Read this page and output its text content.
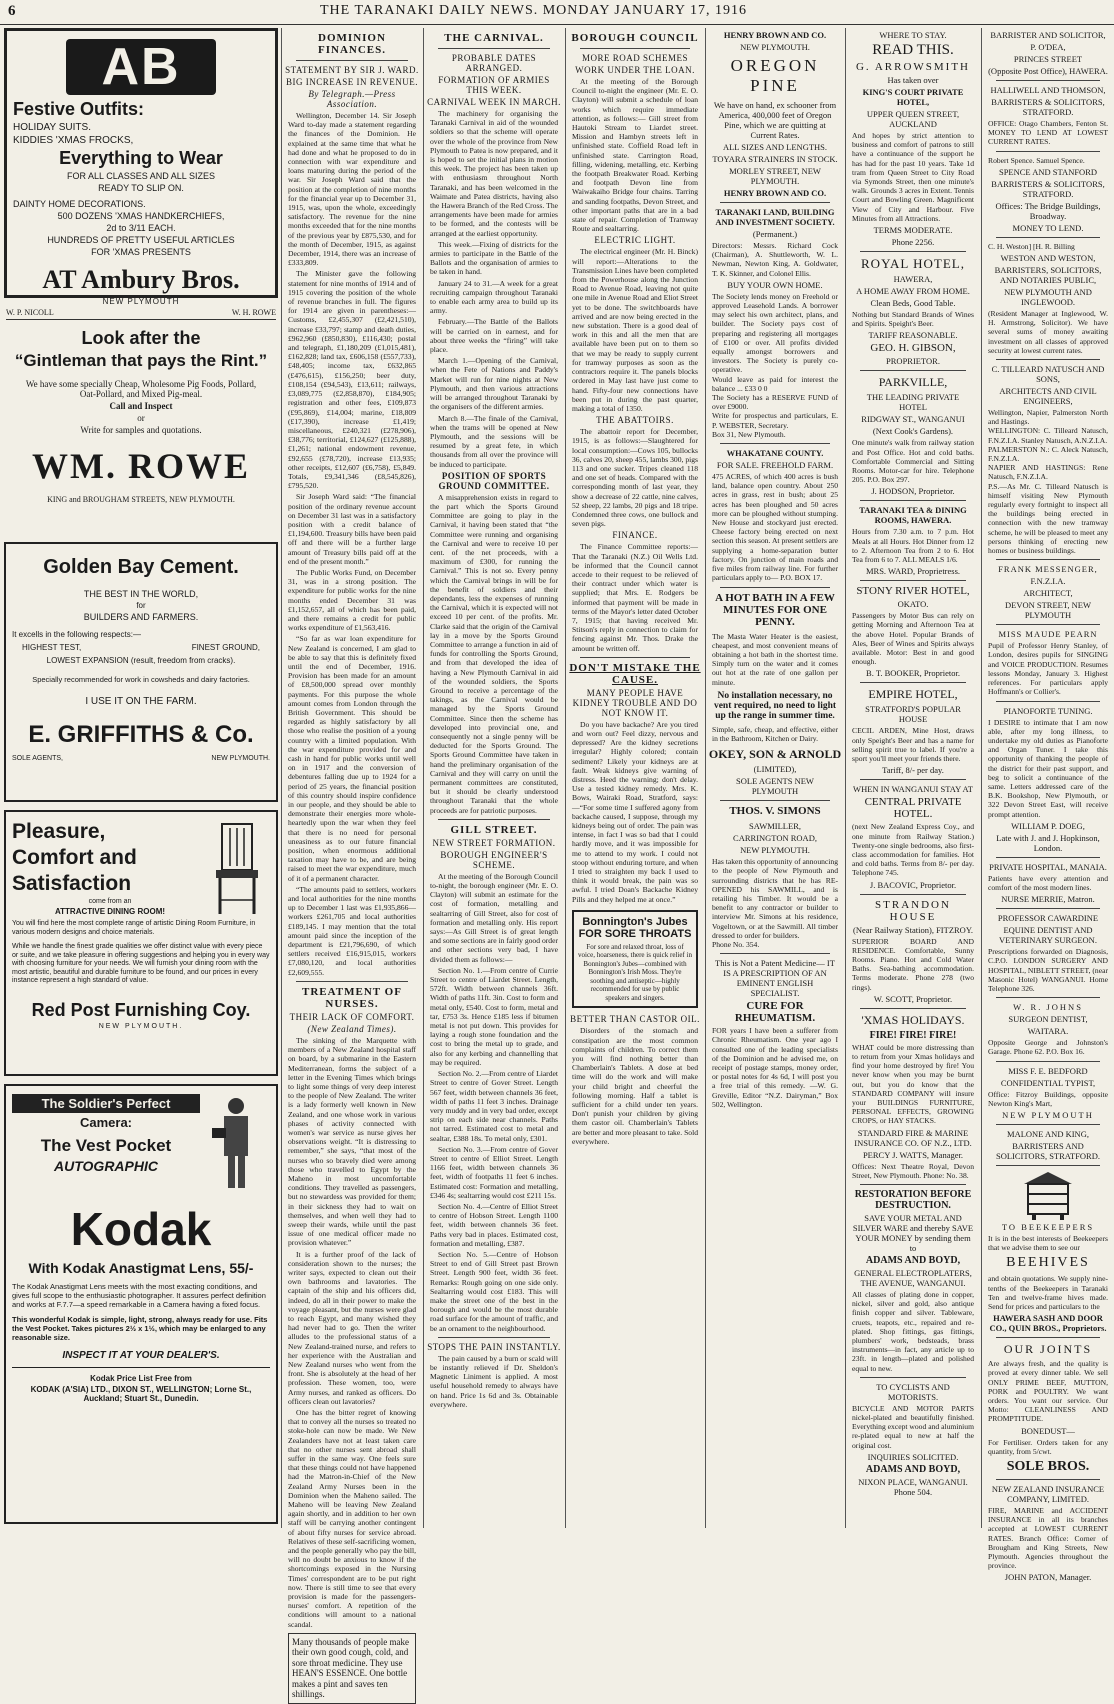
6	THE TARANAKI DAILY NEWS. MONDAY JANUARY 17, 1916
AB

Festive Outfits:

HOLIDAY SUITS.

KIDDIES 'XMAS FROCKS,

Everything to Wear

FOR ALL CLASSES AND ALL SIZES

READY TO SLIP ON.

DAINTY HOME DECORATIONS.

500 DOZENS 'XMAS HANDKERCHIEFS,

2d to 3/11 EACH.

HUNDREDS OF PRETTY USEFUL ARTICLES

FOR 'XMAS PRESENTS

AT Ambury Bros.

NEW PLYMOUTH

W. P. NICOLL	W. H. ROWE

Look after the

“Gintleman that pays the Rint.”

We have some specially Cheap, Wholesome Pig Foods, Pollard, Oat-Pollard, and Mixed Pig-meal.

Call and Inspect

or

Write for samples and quotations.

WM. ROWE

KING and BROUGHAM STREETS, NEW PLYMOUTH.

Golden Bay Cement.

THE BEST IN THE WORLD,

for

BUILDERS AND FARMERS.

It excells in the following respects:—

HIGHEST TEST,	FINEST GROUND,

LOWEST EXPANSION (result, freedom from cracks).

Specially recommended for work in cowsheds and dairy factories.

I USE IT ON THE FARM.

E. GRIFFITHS & Co.

SOLE AGENTS,	NEW PLYMOUTH.

Pleasure,

Comfort and

Satisfaction

come from an

ATTRACTIVE DINING ROOM!

You will find here the most complete range of artistic Dining Room Furniture, in various modern designs and choice materials.

While we handle the finest grade qualities we offer distinct value with every piece or suite, and we take pleasure in offering suggestions and helping you in every way with choosing furniture for your needs. We will furnish your dining room with the most artistic, beautiful and durable furniture to be found, and our prices in every instance represent a high standard of value.

Red Post Furnishing Coy.

NEW PLYMOUTH.

The Soldier's Perfect

Camera:

The Vest Pocket

AUTOGRAPHIC

Kodak

With Kodak Anastigmat Lens, 55/-

The Kodak Anastigmat Lens meets with the most exacting conditions, and gives full scope to the enthusiastic photographer. It assures perfect definition and works at F.7.7—a speed remarkable in a Camera having a fixed focus.

This wonderful Kodak is simple, light, strong, always ready for use. Fits the Vest Pocket. Takes pictures 2½ x 1½, which may be enlarged to any reasonable size.

INSPECT IT AT YOUR DEALER'S.

Kodak Price List Free from

KODAK (A'SIA) LTD., DIXON ST., WELLINGTON; Lorne St., Auckland; Stuart St., Dunedin.

DOMINION FINANCES.
STATEMENT BY SIR J. WARD.
BIG INCREASE IN REVENUE.
By Telegraph.—Press Association.

Wellington, December 14. Sir Joseph Ward to-day made a statement regarding the finances of the Dominion. He explained at the same time that what he had done and what he proposed to do in connection with war expenditure and loans maturing during the period of the war. Sir Joseph Ward said that the position at the completion of nine months for the financial year up to December 31, 1915, was, upon the whole, exceedingly satisfactory. The revenue for the nine months exceeded that for the nine months of the previous year by £875,530, and for the month of December, 1915, as against December, 1914, there was an increase of £333,809.

The Minister gave the following statement for nine months of 1914 and of 1915 covering the position of the whole of revenue branches in full. The figures for 1914 are given in parentheses:— Customs, £2,455,307 (£2,421,510), increase £33,797; stamp and death duties, £962,960 (£850,830), £116,430; postal and telegraph, £1,180,209 (£1,015,481), £162,828; land tax, £606,158 (£557,733), £48,405; income tax, £632,865 (£476,615), £156,250; beer duty, £108,154 (£94,543), £13,611; railways, £3,089,775 (£2,858,870), £184,905; registration and other fees, £109,873 (£95,869), £14,004; marine, £18,809 (£17,390), increase £1,419; miscellaneous, £240,321 (£278,906), £38,776; territorial, £124,627 (£125,888), £1,261; national endowment revenue, £92,655 (£78,720), increase £13,935; other receipts, £12,607 (£6,758), £5,849. Totals, £9,341,346 (£8,545,826), £795,520.

Sir Joseph Ward said: “The financial position of the ordinary revenue account on December 31 last was in a satisfactory position with a credit balance of £1,194,600. Treasury bills have been paid off and there will be a further large amount of Treasury bills paid off at the end of the present month.”

The Public Works Fund, on December 31, was in a strong position. The expenditure for public works for the nine months ended December 31 was £1,152,657, all of which has been paid, and there remains a credit for public works expenditure of £1,563,416.

“So far as war loan expenditure for New Zealand is concerned, I am glad to be able to say that this is definitely fixed until the end of December, 1916. Provision has been made for an amount of £8,500,000 spread over monthly payments. For this purpose the whole amount comes from London through the British Government. This should be regarded as highly satisfactory by all those who realise the position of a young country with a limited population. With the war expenditure provided for and cash in hand for public works until well on in 1917 and the conversion of debentures falling due up to 1924 for a period of 25 years, the financial position of this country should inspire confidence in our people, and they should be able to demonstrate their energies more whole-heartedly upon the war when they feel that there is no need for personal uneasiness as to our future financial position, when enormous additional taxation may have to be, and are being raised to meet the war expenditure, much of it of a permanent character.

“The amounts paid to settlers, workers and local authorities for the nine months up to December 1 last was £1,935,866—workers £261,705 and local authorities £189,145. I may mention that the total amount paid since the inception of the department is £21,796,690, of which settlers received £16,915,015, workers £7,080,120, and local authorities £2,609,555.

TREATMENT OF NURSES.
THEIR LACK OF COMFORT.
(New Zealand Times).

The sinking of the Marquette with members of a New Zealand hospital staff on board, by a submarine in the Eastern Mediterranean, forms the subject of a letter in the Evening Times which brings to light some things of very deep interest to the people of New Zealand. The writer is a lady formerly well known in New Zealand, and one whose work in various phases of activity connected with women's war service as nurse gives her observations weight. “It is distressing to remember,” she says, “that most of the nurses who so bravely died were among those who travelled to Egypt by the Maheno in most uncomfortable conditions. They travelled as passengers, but no stewardess was provided for them; in their sickness they had to wait on themselves, and when well they had to sweep their wards, while until the past issue of one medical officer made no provision whatever.”

It is a further proof of the lack of consideration shown to the nurses; the writer says, expected to clean out their own bathrooms and lavatories. The captain of the ship and his officers did, indeed, do all in their power to make the voyage pleasant, but the nurses were glad to reach Egypt, and many wished they had never had to go. Then the writer alludes to the professional status of a New Zealand-trained nurse, and refers to her experience with the Australian and New Zealand nurses who went from the front. She is absolutely at the head of her profession. These women, too, were Army nurses, and ranked as officers. Do officers clean out lavatories?

One has the bitter regret of knowing that to convey all the nurses so treated no stoke-hole can now be made. We New Zealanders have not at least taken care that no other nurses sent abroad shall suffer in the same way. One feels sure that these things could not have happened had the Matron-in-Chief of the New Zealand Army Nurses been in the Dominion when the Maheno sailed. The Maheno will be leaving New Zealand again shortly, and in addition to her own staff will be carrying another contingent of about fifty nurses for service abroad. Relatives of these self-sacrificing women, and the people generally who pay the bill, will no doubt be anxious to know if the shortcomings exposed in the Nursing Times' correspondent are to be put right now. There is still time to see that every provision is made for the passengers-nurses' comfort. A repetition of the conditions will amount to a national scandal.

Many thousands of people make their own good cough, cold, and sore throat medicine. They use HEAN'S ESSENCE. One bottle makes a pint and saves ten shillings.
THE CARNIVAL.
PROBABLE DATES ARRANGED.
FORMATION OF ARMIES THIS WEEK.
CARNIVAL WEEK IN MARCH.

The machinery for organising the Taranaki Carnival in aid of the wounded soldiers so that the scheme will operate over the whole of the province from New Plymouth to Patea is now prepared, and it is hoped to set the initial plans in motion this week. The project has been taken up with enthusiasm throughout North Taranaki, and has been welcomed in the Waimate and Patea districts, having also the Hawera Branch of the Red Cross. The arrangements have been made for armies to be formed, and the contests will be arranged at the earliest opportunity.

This week.—Fixing of districts for the armies to participate in the Battle of the Ballots and the organisation of armies to be taken in hand.

January 24 to 31.—A week for a great recruiting campaign throughout Taranaki to enable each army area to build up its army.

February.—The Battle of the Ballots will be carried on in earnest, and for about three weeks the “firing” will take place.

March 1.—Opening of the Carnival, when the Fete of Nations and Paddy's Market will run for nine nights at New Plymouth, and then various attractions will be arranged throughout Taranaki by the organisers of the different armies.

March 8.—The finale of the Carnival, when the trams will be opened at New Plymouth, and the sessions will be resumed by a great fete, in which thousands from all over the province will be induced to participate.

POSITION OF SPORTS GROUND COMMITTEE.

A misapprehension exists in regard to the part which the Sports Ground Committee are going to play in the Carnival, it having been stated that “the Committee were running and organising the Carnival and were to receive 10 per cent. of the net proceeds, with a maximum of £300, for running the Carnival.” This is not so. Every penny which the Carnival brings in will be for the benefit of soldiers and their dependants, less the expenses of running the Carnival, which it is expected will not exceed 10 per cent. of the profits. Mr. Clarke said that the origin of the Carnival lay in a move by the Sports Ground Committee to arrange a function in aid of funds for controlling the Sports Ground, and from that developed the idea of having a New Plymouth Carnival in aid of the wounded soldiers, the Sports Ground to receive a percentage of the takings, as the Carnival would be managed by the Sports Ground Committee. Since then the scheme has developed into provincial one, and consequently not a single penny will be deducted for the Sports Ground. The Sports Ground Committee have taken in hand the preliminary organisation of the Carnival and they will carry on until the permanent committees are constituted, but it should be clearly understood throughout Taranaki that the whole proceeds are for patriotic purposes.

GILL STREET.
NEW STREET FORMATION.
BOROUGH ENGINEER'S SCHEME.

At the meeting of the Borough Council to-night, the borough engineer (Mr. E. O. Clayton) will submit an estimate for the cost of formation, metalling and sealtarring of Gill Street, also for cost of formation and metalling only. His report says:—As Gill Street is of great length and some sections are in fairly good order and other sections very bad, I have divided them as follows:—

Section No. 1.—From centre of Currie Street to centre of Liardet Street. Length, 572ft. Width between channels 36ft. Width of paths 11ft. 3in. Cost to form and metal only, £540. Cost to form, metal and tar, £753 3s. Hence £185 less if bitumen metal is not put down. This provides for laying a rough stone foundation and the cost to bring the metal up to grade, and also for any kerbing and channelling that may be required.

Section No. 2.—From centre of Liardet Street to centre of Gover Street. Length 567 feet, width between channels 36 feet, width of paths 11 feet 3 inches. Drainage very muddy and in very bad order, except strip on each side near channels. Paths not tarred. Estimated cost to metal and sealtar, £388 18s. To metal only, £301.

Section No. 3.—From centre of Gover Street to centre of Elliot Street. Length 1166 feet, width between channels 36 feet, width of footpaths 11 feet 6 inches. Estimated cost: Formation and metalling, £346 4s; sealtarring would cost £211 15s.

Section No. 4.—Centre of Elliot Street to centre of Hobson Street. Length 1100 feet, width between channels 36 feet. Paths very bad in places. Estimated cost, formation and metalling, £387.

Section No. 5.—Centre of Hobson Street to end of Gill Street past Brown Street. Length 900 feet, width 36 feet. Remarks: Rough going on one side only. Sealtarring would cost £183. This will make the street one of the best in the borough and would be the most durable road surface for the amount of traffic, and be an ornament to the neighbourhood.

STOPS THE PAIN INSTANTLY.

The pain caused by a burn or scald will be instantly relieved if Dr. Sheldon's Magnetic Liniment is applied. A most useful household remedy to always have on hand. Price 1s 6d and 3s. Obtainable everywhere.

BOROUGH COUNCIL
MORE ROAD SCHEMES
WORK UNDER THE LOAN.

At the meeting of the Borough Council to-night the engineer (Mr. E. O. Clayton) will submit a schedule of loan works which require immediate attention, as follows:— Gill street from Hautoki Stream to Liardet street. Mission and Hambyn streets left in unfinished state. Coffield Road left in unfinished state. Carrington Road, filling, widening, metalling, etc. Kerbing the footpath Breakwater Road. Kerbing and footpath Devon line from Waiwakaiho Bridge four chains. Tarring and sanding footpaths, Devon Street, and other important paths that are in a bad state of repair. Completion of Tramway Route and sealtarring.

ELECTRIC LIGHT.

The electrical engineer (Mr. H. Binck) will report:—Alterations to the Transmission Lines have been completed from the Powerhouse along the Junction Road to Avenue Road, leaving not quite one mile in Avenue Road and Eliot Street yet to be done. The switchboards have arrived and are now being erected in the new substation. There is a good deal of work in this and all the men that are available have been put on to them so that we may be ready to supply current for tramway purposes as soon as the contractors require it. The panels blocks ordered in May last have just come to hand. Fifty-four new connections have been put in during the past quarter, making a total of 1350.

THE ABATTOIRS.

The abattoir report for December, 1915, is as follows:—Slaughtered for local consumption:—Cows 105, bullocks 36, calves 20, sheep 455, lambs 300, pigs 113 and one sucker. Tripes cleaned 118 and one set of heads. Compared with the corresponding month of last year, they show a decrease of 22 cattle, nine calves, 52 sheep, 22 lambs, 20 pigs and 18 tripe. Condemned three cows, one bullock and seven pigs.

FINANCE.

The Finance Committee reports:— That the Taranaki (N.Z.) Oil Wells Ltd. be informed that the Council cannot accede to their request to be relieved of their contract under which water is supplied; that Mrs. E. Rodgers be informed that payment will be made in terms of the Mayor's letter dated October 7, 1915; that having received Mr. Stitson's reply in connection to claim for fencing against Mr. Thos. Drake the amount be written off.

DON'T MISTAKE THE CAUSE.
MANY PEOPLE HAVE KIDNEY TROUBLE AND DO NOT KNOW IT.

Do you have backache? Are you tired and worn out? Feel dizzy, nervous and depressed? Are the kidney secretions irregular? Highly colored; contain sediment? Likely your kidneys are at fault. Weak kidneys give warning of distress. Heed the warning; don't delay. Use a tested kidney remedy. Mrs. K. Bows, Wairaki Road, Stratford, says:—“For some time I suffered agony from backache caused, I suppose, through my kidneys being out of order. The pain was intense, in fact I was so bad that I could hardly move, and it was impossible for me to attend to my work. I could not stoop without enduring torture, and when I tried to straighten my back I used to think it would break, the pain was so awful. I tried Doan's Backache Kidney Pills and they helped me at once.”

Bonnington's Jubes FOR SORE THROATS

For sore and relaxed throat, loss of voice, hoarseness, there is quick relief in Bonnington's Jubes—combined with Bonnington's Irish Moss. They're soothing and antiseptic—highly recommended for use by public speakers and singers.

BETTER THAN CASTOR OIL.

Disorders of the stomach and constipation are the most common complaints of children. To correct them you will find nothing better than Chamberlain's Tablets. A dose at bed time will do the work and will make your child bright and cheerful the following morning. Half a tablet is sufficient for a child under ten years. Don't punish your children by giving them castor oil. Chamberlain's Tablets are better and more pleasant to take. Sold everywhere.

HENRY BROWN AND CO.

NEW PLYMOUTH.

OREGON PINE

We have on hand, ex schooner from America, 400,000 feet of Oregon Pine, which we are quitting at Current Rates.

ALL SIZES AND LENGTHS.

TOYARA STRAINERS IN STOCK.

MORLEY STREET, NEW PLYMOUTH.

HENRY BROWN AND CO.

TARANAKI LAND, BUILDING AND INVESTMENT SOCIETY.

(Permanent.)

Directors: Messrs. Richard Cock (Chairman), A. Shuttleworth, W. L. Newman, Newton King, A. Goldwater, T. K. Skinner, and Colonel Ellis.

BUY YOUR OWN HOME.

The Society lends money on Freehold or approved Leasehold Lands. A borrower may select his own architect, plans, and builder. The Society pays cost of preparing and registering all mortgages of £100 or over. All profits divided equally amongst borrowers and investors. The Society is purely co-operative.

Would leave as paid for interest the balance ... £33 0 0

The Society has a RESERVE FUND of over £9000.

Write for prospectus and particulars, E. P. WEBSTER, Secretary.

Box 31, New Plymouth.

WHAKATANE COUNTY.

FOR SALE. FREEHOLD FARM.

475 ACRES, of which 400 acres is bush land, balance open country. About 250 acres in grass, rest in bush; about 25 acres has been ploughed and 50 acres more can be ploughed without stumping. New House and stockyard just erected. Cheese factory being erected on next section this season. At present settlers are supplying a home-separation butter factory. On junction of main roads and five miles from railway line. For further particulars apply to— P.O. BOX 17.

A HOT BATH IN A FEW MINUTES FOR ONE PENNY.

The Masta Water Heater is the easiest, cheapest, and most convenient means of obtaining a hot bath in the shortest time. Simply turn on the water and it comes out hot at the rate of one gallon per minute.

No installation necessary, no vent required, no need to light up the range in summer time.

Simple, safe, cheap, and effective, either in the Bathroom, Kitchen or Dairy.

OKEY, SON & ARNOLD

(LIMITED),

SOLE AGENTS NEW PLYMOUTH

THOS. V. SIMONS

SAWMILLER,

CARRINGTON ROAD,

NEW PLYMOUTH.

Has taken this opportunity of announcing to the people of New Plymouth and surrounding districts that he has RE-OPENED his SAWMILL, and is retailing his Timber. It would be a benefit to any contractor or builder to interview Mr. Simons at his residence, Vogeltown, or at the Sawmill. All timber dressed to order for builders.

Phone No. 354.

This is Not a Patent Medicine— IT IS A PRESCRIPTION OF AN EMINENT ENGLISH SPECIALIST.

CURE FOR RHEUMATISM.

FOR years I have been a sufferer from Chronic Rheumatism. One year ago I consulted one of the leading specialists of the Dominion and he advised me, on receipt of postage stamps, money order, or postal notes for 4s 6d, I will post you a free trial of this remedy. —W. G. Greville, Editor “N.Z. Dairyman,” Box 502, Wellington.

WHERE TO STAY.

READ THIS.

G. ARROWSMITH

Has taken over

KING'S COURT PRIVATE HOTEL,

UPPER QUEEN STREET, AUCKLAND

And hopes by strict attention to business and comfort of patrons to still have a continuance of the support he has had for the past 10 years. Take 1d tram from Queen Street to City Road via Symonds Street, then one minute's walk. Grounds 3 acres in Extent. Tennis Court and Bowling Green. Magnificent View of City and Harbour. Five Minutes from all Attractions.

TERMS MODERATE.

Phone 2256.

ROYAL HOTEL,

HAWERA,

A HOME AWAY FROM HOME.

Clean Beds, Good Table.

Nothing but Standard Brands of Wines and Spirits. Speight's Beer.

TARIFF REASONABLE.

GEO. H. GIBSON,

PROPRIETOR.

PARKVILLE,

THE LEADING PRIVATE HOTEL

RIDGWAY ST., WANGANUI

(Next Cook's Gardens).

One minute's walk from railway station and Post Office. Hot and cold baths. Comfortable Commercial and Sitting Rooms. Motor-car for hire. Telephone 205. P.O. Box 297.

J. HODSON, Proprietor.

TARANAKI TEA & DINING ROOMS, HAWERA.

Hours from 7.30 a.m. to 7 p.m. Hot Meals at all Hours. Hot Dinner from 12 to 2. Afternoon Tea from 2 to 6. Hot Tea from 6 to 7. ALL MEALS 1/6.

MRS. WARD, Proprietress.

STONY RIVER HOTEL,

OKATO.

Passengers by Motor Bus can rely on getting Morning and Afternoon Tea at the above Hotel. Popular Brands of Ales, Beer of Wines and Spirits always available. Motor: Best in and good enough.

B. T. BOOKER, Proprietor.

EMPIRE HOTEL,

STRATFORD'S POPULAR HOUSE

CECIL ARDEN, Mine Host, draws only Speight's Beer and has a name for selling spirit true to label. If you're a sport you'll meet your friends there.

Tariff, 8/- per day.

WHEN IN WANGANUI STAY AT

CENTRAL PRIVATE HOTEL.

(next New Zealand Express Coy., and one minute from Railway Station.) Twenty-one single bedrooms, also first-class accommodation for families. Hot and cold baths. Terms from 8/- per day. Telephone 745.

J. BACOVIC, Proprietor.

STRANDON HOUSE

(Near Railway Station), FITZROY.

SUPERIOR BOARD AND RESIDENCE. Comfortable, Sunny Rooms. Piano. Hot and Cold Water Baths. Sea-bathing accommodation. Terms moderate. Phone 278 (two rings).

W. SCOTT, Proprietor.

'XMAS HOLIDAYS.

FIRE! FIRE! FIRE!

WHAT could be more distressing than to return from your Xmas holidays and find your home destroyed by fire! You never know when you may be burnt out, but you do know that the STANDARD COMPANY will insure your BUILDINGS FURNITURE, PERSONAL EFFECTS, GROWING CROPS, or HAY STACKS.

STANDARD FIRE & MARINE INSURANCE CO. OF N.Z., LTD.

PERCY J. WATTS, Manager.

Offices: Next Theatre Royal, Devon Street, New Plymouth. Phone: No. 38.

RESTORATION BEFORE DESTRUCTION.

SAVE YOUR METAL AND SILVER WARE and thereby SAVE YOUR MONEY by sending them to

ADAMS AND BOYD,

GENERAL ELECTROPLATERS, THE AVENUE, WANGANUI.

All classes of plating done in copper, nickel, silver and gold, also antique finish copper and silver. Tableware, cruets, teapots, etc., repaired and re-plated. Shop fittings, gas fittings, plumbers' work, bedsteads, brass instruments—in fact, any article up to 23ft. in length—plated and polished equal to new.

TO CYCLISTS AND MOTORISTS.

BICYCLE AND MOTOR PARTS nickel-plated and beautifully finished. Everything except wood and aluminium re-plated equal to new at half the original cost.

INQUIRIES SOLICITED.

ADAMS AND BOYD,

NIXON PLACE, WANGANUI. Phone 504.

BARRISTER AND SOLICITOR,

P. O'DEA,

PRINCES STREET

(Opposite Post Office), HAWERA.

HALLIWELL AND THOMSON,

BARRISTERS & SOLICITORS, STRATFORD.

OFFICE: Otago Chambers, Fenton St. MONEY TO LEND AT LOWEST CURRENT RATES.

Robert Spence. Samuel Spence.

SPENCE AND STANFORD

BARRISTERS & SOLICITORS, STRATFORD.

Offices: The Bridge Buildings, Broadway.

MONEY TO LEND.

C. H. Weston] [H. R. Billing

WESTON AND WESTON,

BARRISTERS, SOLICITORS, AND NOTARIES PUBLIC,

NEW PLYMOUTH AND INGLEWOOD.

(Resident Manager at Inglewood, W. H. Armstrong, Solicitor). We have several sums of money awaiting investment on all classes of approved security at lowest current rates.

C. TILLEARD NATUSCH AND SONS,

ARCHITECTS AND CIVIL ENGINEERS,

Wellington, Napier, Palmerston North and Hastings.

WELLINGTON: C. Tilleard Natusch, F.N.Z.I.A. Stanley Natusch, A.N.Z.I.A.

PALMERSTON N.: C. Aleck Natusch, F.N.Z.I.A.

NAPIER AND HASTINGS: Rene Natusch, F.N.Z.I.A.

P.S.—As Mr. C. Tilleard Natusch is himself visiting New Plymouth regularly every fortnight to inspect all the buildings being erected in connection with the new tramway scheme, he will be pleased to meet any persons thinking of erecting new homes or business buildings.

FRANK MESSENGER,

F.N.Z.I.A.

ARCHITECT,

DEVON STREET, NEW PLYMOUTH

MISS MAUDE PEARN

Pupil of Professor Henry Stanley, of London, desires pupils for SINGING and VOICE PRODUCTION. Resumes lessons Monday, January 3. Highest references. For particulars apply Hoffmann's or Collier's.

PIANOFORTE TUNING.

I DESIRE to intimate that I am now able, after my long illness, to undertake my old duties as Pianoforte and Organ Tuner. I take this opportunity of thanking the people of the district for their past support, and beg to solicit a continuance of the same. Letters addressed care of the B.K. Bookshop, New Plymouth, or 322 Devon Street East, will receive prompt attention.

WILLIAM P. DOEG,

Late with J. and J. Hopkinson, London.

PRIVATE HOSPITAL, MANAIA.

Patients have every attention and comfort of the most modern lines.

NURSE MERRIE, Matron.

PROFESSOR CAWARDINE

EQUINE DENTIST AND VETERINARY SURGEON.

Prescriptions forwarded on Diagnosis, C.P.O. LONDON SURGERY AND HOSPITAL, NIBLETT STREET, (near Masonic Hotel) WANGANUI. Home Telephone 326.

W. R. JOHNS

SURGEON DENTIST,

WAITARA.

Opposite George and Johnston's Garage. Phone 62. P.O. Box 16.

MISS F. E. BEDFORD

CONFIDENTIAL TYPIST,

Office: Fitzroy Buildings, opposite Newton King's Mart,

NEW PLYMOUTH

MALONE AND KING,

BARRISTERS AND SOLICITORS, STRATFORD.

TO BEEKEEPERS

It is in the best interests of Beekeepers that we advise them to see our

BEEHIVES

and obtain quotations. We supply nine-tenths of the Beekeepers in Taranaki Ten and twelve-frame hives made. Send for prices and particulars to the

HAWERA SASH AND DOOR CO., QUIN BROS., Proprietors.

OUR JOINTS

Are always fresh, and the quality is proved at every dinner table. We sell ONLY PRIME BEEF, MUTTON, PORK and POULTRY. We want orders. You want our service. Our Motto: CLEANLINESS AND PROMPTITUDE.

BONEDUST—

For Fertiliser. Orders taken for any quantity, from 5/cwt.

SOLE BROS.

NEW ZEALAND INSURANCE COMPANY, LIMITED.

FIRE, MARINE and ACCIDENT INSURANCE in all its branches accepted at LOWEST CURRENT RATES. Branch Office: Corner of Brougham and King Streets, New Plymouth. Agencies throughout the province.

JOHN PATON, Manager.
